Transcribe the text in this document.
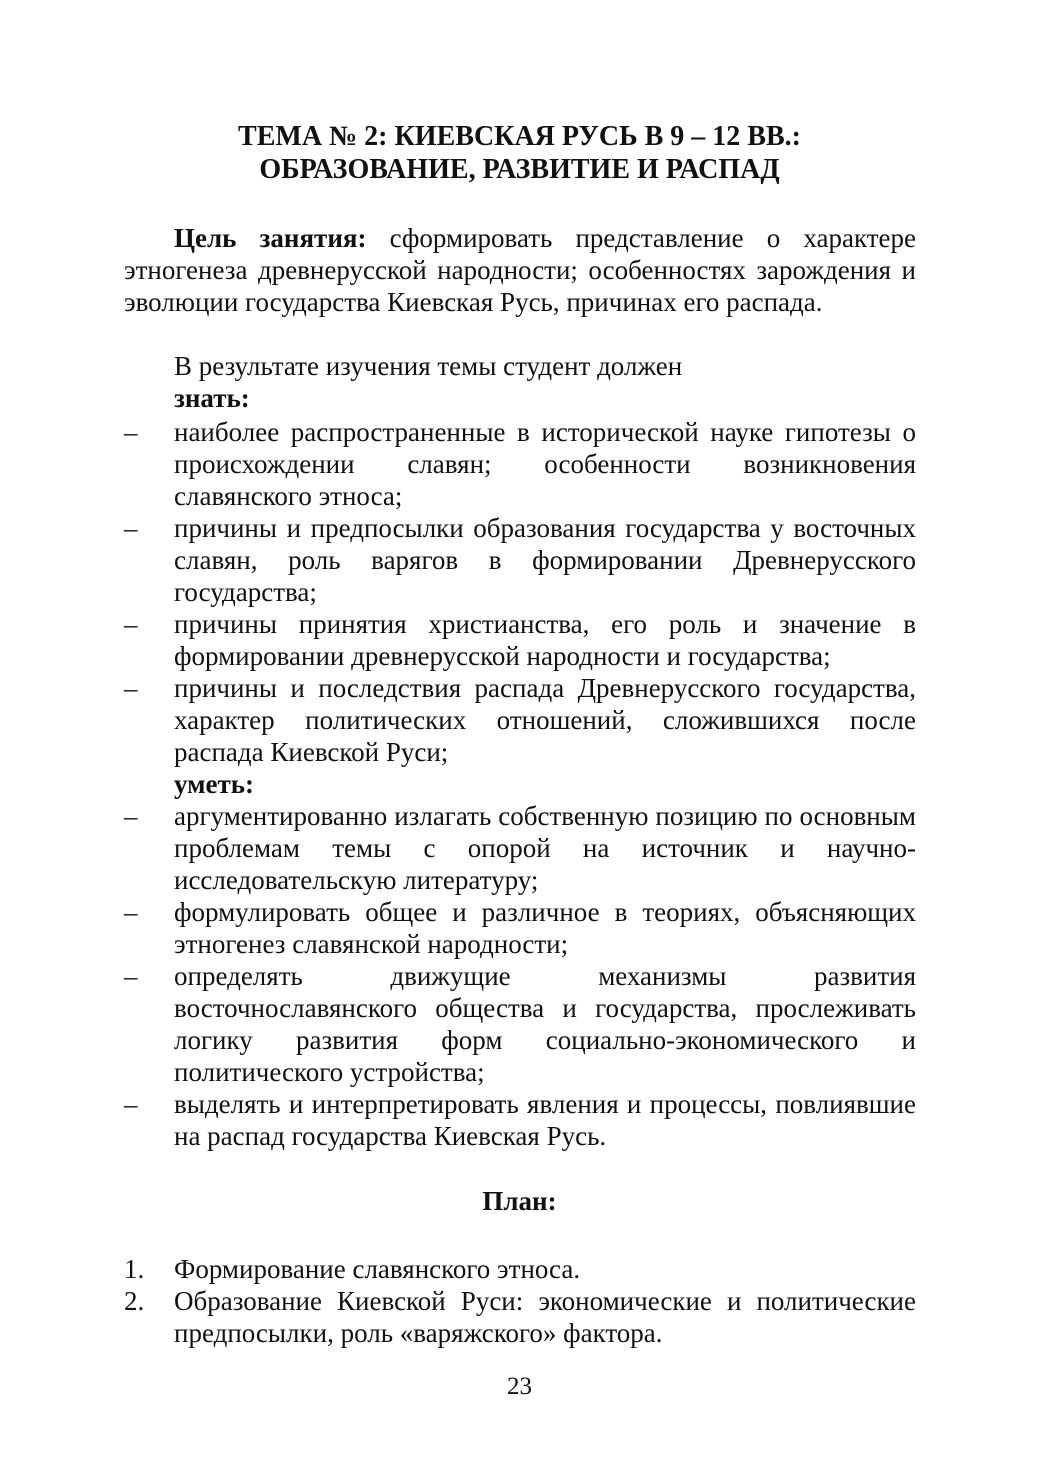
ТЕМА № 2: КИЕВСКАЯ РУСЬ В 9 – 12 ВВ.:
ОБРАЗОВАНИЕ, РАЗВИТИЕ И РАСПАД
Цель занятия: сформировать представление о характере этногенеза древнерусской народности; особенностях зарождения и эволюции государства Киевская Русь, причинах его распада.
В результате изучения темы студент должен
знать:
– наиболее распространенные в исторической науке гипотезы о происхождении славян; особенности возникновения славянского этноса;
– причины и предпосылки образования государства у восточных славян, роль варягов в формировании Древнерусского государства;
– причины принятия христианства, его роль и значение в формировании древнерусской народности и государства;
– причины и последствия распада Древнерусского государства, характер политических отношений, сложившихся после распада Киевской Руси;
уметь:
– аргументированно излагать собственную позицию по основным проблемам темы с опорой на источник и научно-исследовательскую литературу;
– формулировать общее и различное в теориях, объясняющих этногенез славянской народности;
– определять движущие механизмы развития восточнославянского общества и государства, прослеживать логику развития форм социально-экономического и политического устройства;
– выделять и интерпретировать явления и процессы, повлиявшие на распад государства Киевская Русь.
План:
1. Формирование славянского этноса.
2. Образование Киевской Руси: экономические и политические предпосылки, роль «варяжского» фактора.
23
